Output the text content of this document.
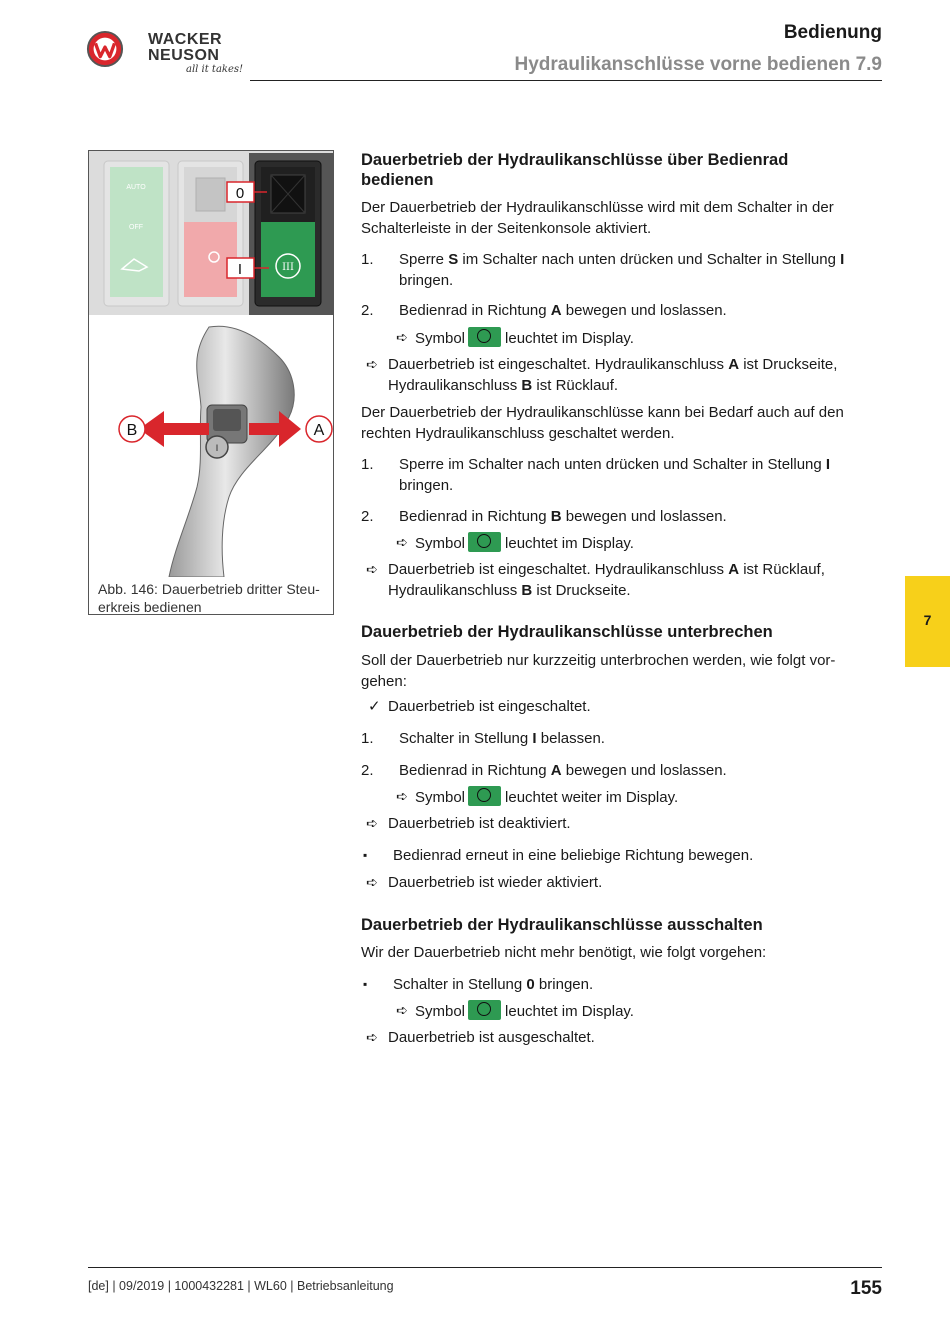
WACKER
NEUSON
all it takes!
Bedienung
Hydraulikanschlüsse vorne bedienen 7.9
AUTO
OFF
III
0
I
I
B	A
Abb. 146: Dauerbetrieb dritter Steu-
erkreis bedienen
Dauerbetrieb der Hydraulikanschlüsse über Bedienrad
bedienen
Der Dauerbetrieb der Hydraulikanschlüsse wird mit dem Schalter in der
Schalterleiste in der Seitenkonsole aktiviert.
1. Sperre S im Schalter nach unten drücken und Schalter in Stellung I
bringen.
2. Bedienrad in Richtung A bewegen und loslassen.
➪ Symbol	leuchtet im Display.
➪ Dauerbetrieb ist eingeschaltet. Hydraulikanschluss A ist Druckseite,
Hydraulikanschluss B ist Rücklauf.
Der Dauerbetrieb der Hydraulikanschlüsse kann bei Bedarf auch auf den
rechten Hydraulikanschluss geschaltet werden.
1. Sperre im Schalter nach unten drücken und Schalter in Stellung I
bringen.
2. Bedienrad in Richtung B bewegen und loslassen.
➪ Symbol	leuchtet im Display.
➪ Dauerbetrieb ist eingeschaltet. Hydraulikanschluss A ist Rücklauf,
Hydraulikanschluss B ist Druckseite.
Dauerbetrieb der Hydraulikanschlüsse unterbrechen
Soll der Dauerbetrieb nur kurzzeitig unterbrochen werden, wie folgt vor-
gehen:
✓ Dauerbetrieb ist eingeschaltet.
1. Schalter in Stellung I belassen.
2. Bedienrad in Richtung A bewegen und loslassen.
➪ Symbol	leuchtet weiter im Display.
➪ Dauerbetrieb ist deaktiviert.
▪ Bedienrad erneut in eine beliebige Richtung bewegen.
➪ Dauerbetrieb ist wieder aktiviert.
Dauerbetrieb der Hydraulikanschlüsse ausschalten
Wir der Dauerbetrieb nicht mehr benötigt, wie folgt vorgehen:
▪ Schalter in Stellung 0 bringen.
➪ Symbol	leuchtet im Display.
➪ Dauerbetrieb ist ausgeschaltet.
7
[de] | 09/2019 | 1000432281 | WL60 | Betriebsanleitung	155
